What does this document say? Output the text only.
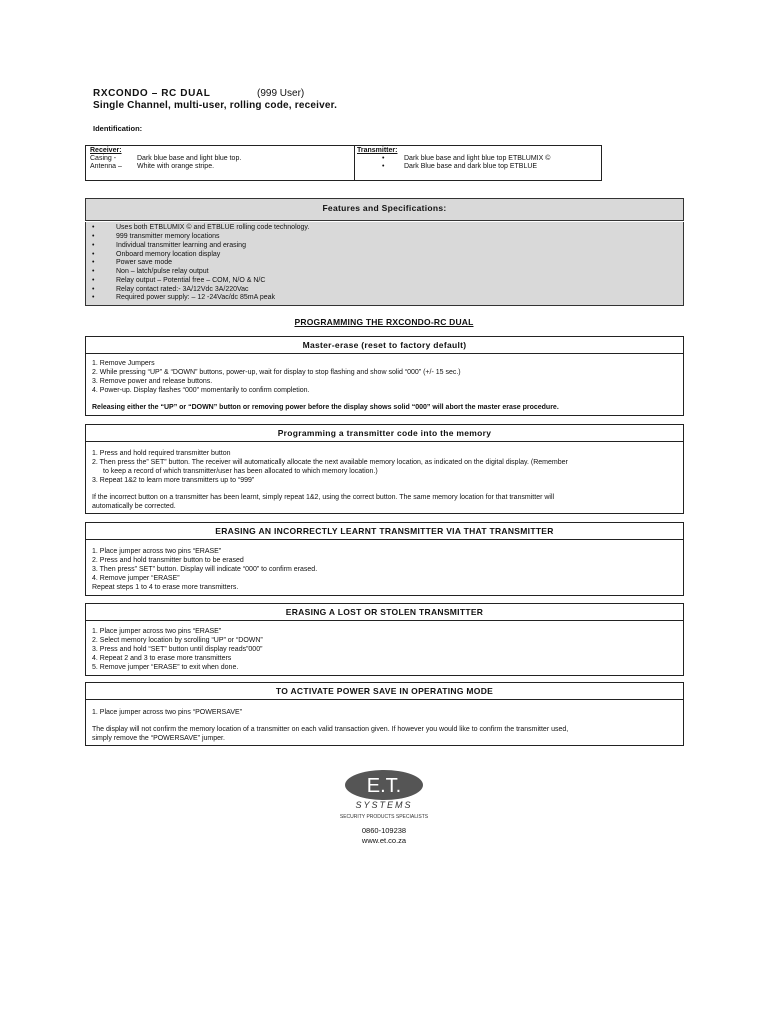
RXCONDO – RC DUAL	(999 User)
Single Channel, multi-user, rolling code, receiver.
Identification:
Receiver:
Casing -	Dark blue base and light blue top.
Antenna – White with orange stripe.
Transmitter:
•	Dark blue base and light blue top ETBLUMIX ©
•	Dark Blue base and dark blue top ETBLUE
Features and Specifications:
•	Uses both ETBLUMIX © and ETBLUE rolling code technology.
•	999 transmitter memory locations
•	Individual transmitter learning and erasing
•	Onboard memory location display
•	Power save mode
•	Non – latch/pulse relay output
•	Relay output – Potential free – COM, N/O & N/C
•	Relay contact rated:- 3A/12Vdc 3A/220Vac
•	Required power supply: – 12 -24Vac/dc 85mA peak
PROGRAMMING THE RXCONDO-RC DUAL
Master-erase (reset to factory default)
1. Remove Jumpers
2. While pressing “UP” & “DOWN” buttons, power-up, wait for display to stop flashing and show solid “000” (+/- 15 sec.)
3. Remove power and release buttons.
4. Power-up. Display flashes “000” momentarily to confirm completion.
Releasing either the “UP” or “DOWN” button or removing power before the display shows solid “000” will abort the master erase procedure.
Programming a transmitter code into the memory
1. Press and hold required transmitter button
2. Then press the” SET” button. The receiver will automatically allocate the next available memory location, as indicated on the digital display. (Remember
to keep a record of which transmitter/user has been allocated to which memory location.)
3. Repeat 1&2 to learn more transmitters up to “999”
If the incorrect button on a transmitter has been learnt, simply repeat 1&2, using the correct button. The same memory location for that transmitter will
automatically be corrected.
ERASING AN INCORRECTLY LEARNT TRANSMITTER VIA THAT TRANSMITTER
1. Place jumper across two pins “ERASE”
2. Press and hold transmitter button to be erased
3. Then press” SET” button. Display will indicate “000” to confirm erased.
4. Remove jumper “ERASE”
Repeat steps 1 to 4 to erase more transmitters.
ERASING A LOST OR STOLEN TRANSMITTER
1. Place jumper across two pins “ERASE”
2. Select memory location by scrolling “UP” or “DOWN”
3. Press and hold “SET” button until display reads”000”
4. Repeat 2 and 3 to erase more transmitters
5. Remove jumper “ERASE” to exit when done.
TO ACTIVATE POWER SAVE IN OPERATING MODE
1. Place jumper across two pins “POWERSAVE”
The display will not confirm the memory location of a transmitter on each valid transaction given. If however you would like to confirm the transmitter used,
simply remove the “POWERSAVE” jumper.
E.T.
SYSTEMS
SECURITY PRODUCTS SPECIALISTS
0860-109238
www.et.co.za
